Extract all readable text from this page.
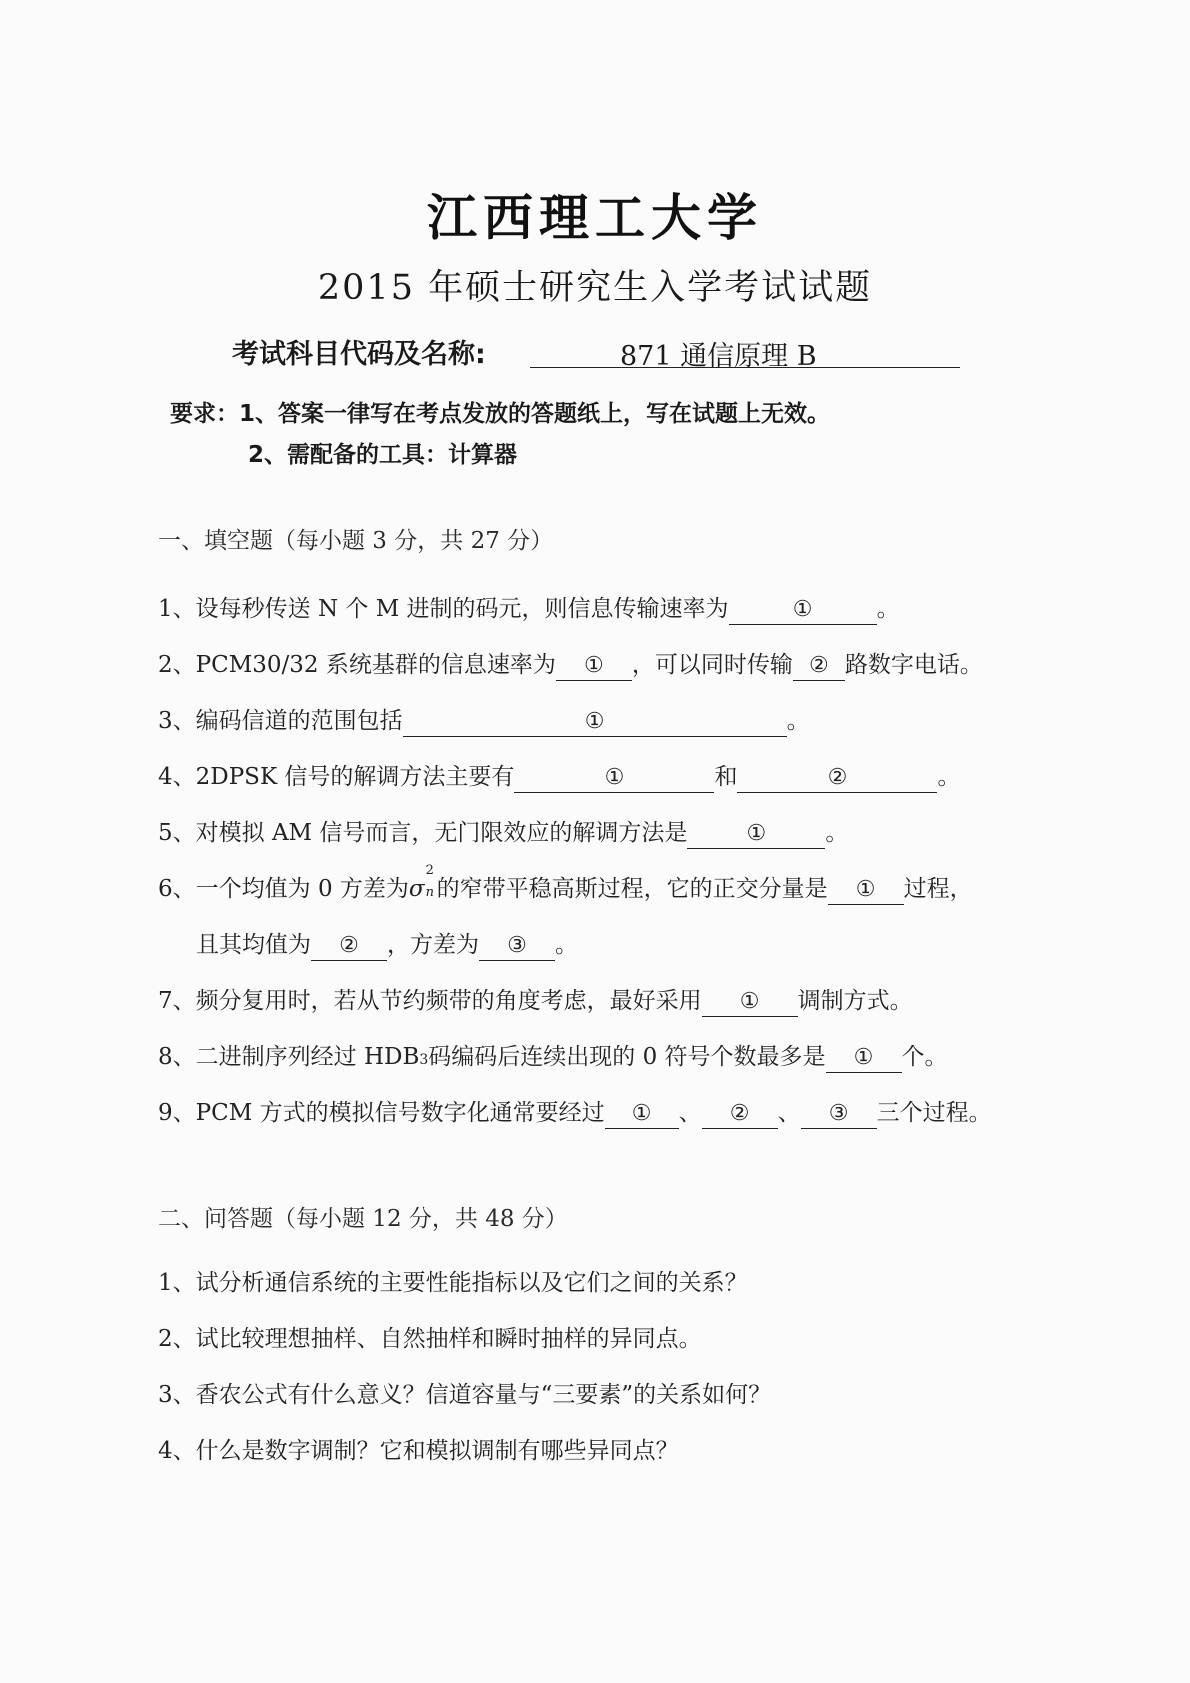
江西理工大学
2015 年硕士研究生入学考试试题
考试科目代码及名称:	871 通信原理 B
要求：1、答案一律写在考点发放的答题纸上，写在试题上无效。
2、需配备的工具：计算器
一、填空题（每小题 3 分，共 27 分）
1、设每秒传送 N 个 M 进制的码元，则信息传输速率为	①	。
2、PCM30/32 系统基群的信息速率为 ① ，可以同时传输 ② 路数字电话。
3、编码信道的范围包括	①	。
4、2DPSK 信号的解调方法主要有	①	和	②	。
5、对模拟 AM 信号而言，无门限效应的解调方法是	①	。
6、一个均值为 0 方差为σ
2
n 的窄带平稳高斯过程，它的正交分量是 ① 过程，
且其均值为 ② ，方差为 ③ 。
7、频分复用时，若从节约频带的角度考虑，最好采用 ① 调制方式。
8、二进制序列经过 HDB3码编码后连续出现的 0 符号个数最多是 ① 个。
9、PCM 方式的模拟信号数字化通常要经过 ① 、 ② 、 ③ 三个过程。
二、问答题（每小题 12 分，共 48 分）
1、试分析通信系统的主要性能指标以及它们之间的关系？
2、试比较理想抽样、自然抽样和瞬时抽样的异同点。
3、香农公式有什么意义？信道容量与“三要素”的关系如何？
4、什么是数字调制？它和模拟调制有哪些异同点？
